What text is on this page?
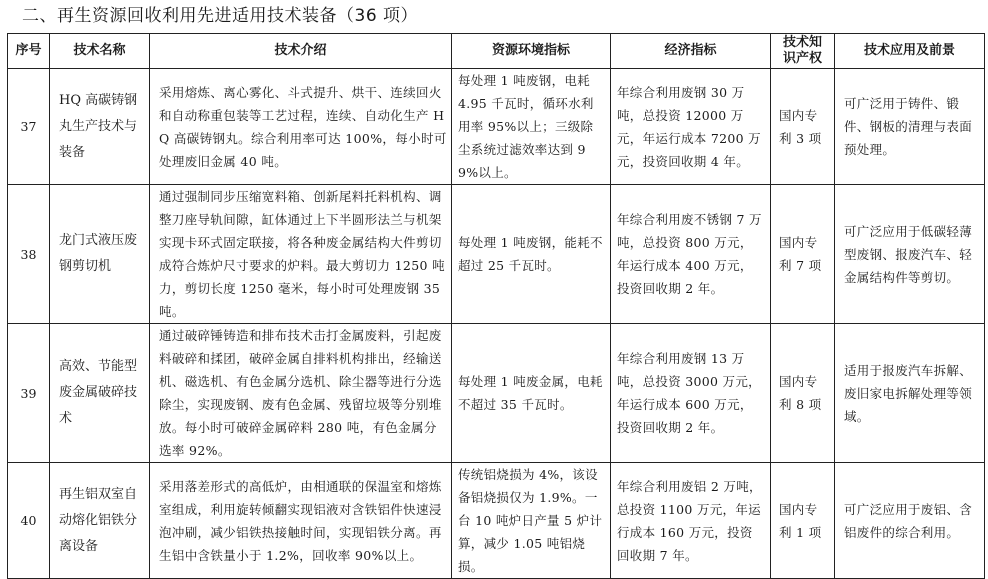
二、再生资源回收利用先进适用技术装备（36 项）
序号	技术名称	技术介绍	资源环境指标	经济指标	技术知识产权	技术应用及前景
37	HQ 高碳铸钢丸生产技术与装备	采用熔炼、离心雾化、斗式提升、烘干、连续回火和自动称重包装等工艺过程，连续、自动化生产 HQ 高碳铸钢丸。综合利用率可达 100%，每小时可处理废旧金属 40 吨。	每处理 1 吨废钢，电耗 4.95 千瓦时，循环水利用率 95%以上；三级除尘系统过滤效率达到 99%以上。	年综合利用废钢 30 万吨，总投资 12000 万元，年运行成本 7200 万元，投资回收期 4 年。	国内专利 3 项	可广泛用于铸件、锻件、钢板的清理与表面预处理。

38	龙门式液压废钢剪切机	通过强制同步压缩宽料箱、创新尾料托料机构、调整刀座导轨间隙，缸体通过上下半圆形法兰与机架实现卡环式固定联接，将各种废金属结构大件剪切成符合炼炉尺寸要求的炉料。最大剪切力 1250 吨力，剪切长度 1250 毫米，每小时可处理废钢 35 吨。	每处理 1 吨废钢，能耗不超过 25 千瓦时。	年综合利用废不锈钢 7 万吨，总投资 800 万元，年运行成本 400 万元，投资回收期 2 年。	国内专利 7 项	可广泛应用于低碳轻薄型废钢、报废汽车、轻金属结构件等剪切。

39	高效、节能型废金属破碎技术	通过破碎锤铸造和排布技术击打金属废料，引起废料破碎和揉团，破碎金属自排料机构排出，经输送机、磁选机、有色金属分选机、除尘器等进行分选除尘，实现废钢、废有色金属、残留垃圾等分别堆放。每小时可破碎金属碎料 280 吨，有色金属分选率 92%。	每处理 1 吨废金属，电耗不超过 35 千瓦时。	年综合利用废钢 13 万吨，总投资 3000 万元，年运行成本 600 万元，投资回收期 2 年。	国内专利 8 项	适用于报废汽车拆解、废旧家电拆解处理等领域。

40	再生铝双室自动熔化铝铁分离设备	采用落差形式的高低炉，由相通联的保温室和熔炼室组成，利用旋转倾翻实现铝液对含铁铝件快速浸泡冲刷，减少铝铁热接触时间，实现铝铁分离。再生铝中含铁量小于 1.2%，回收率 90%以上。	传统铝烧损为 4%，该设备铝烧损仅为 1.9%。一台 10 吨炉日产量 5 炉计算，减少 1.05 吨铝烧损。	年综合利用废铝 2 万吨，总投资 1100 万元，年运行成本 160 万元，投资回收期 7 年。	国内专利 1 项	可广泛应用于废铝、含铝废件的综合利用。
